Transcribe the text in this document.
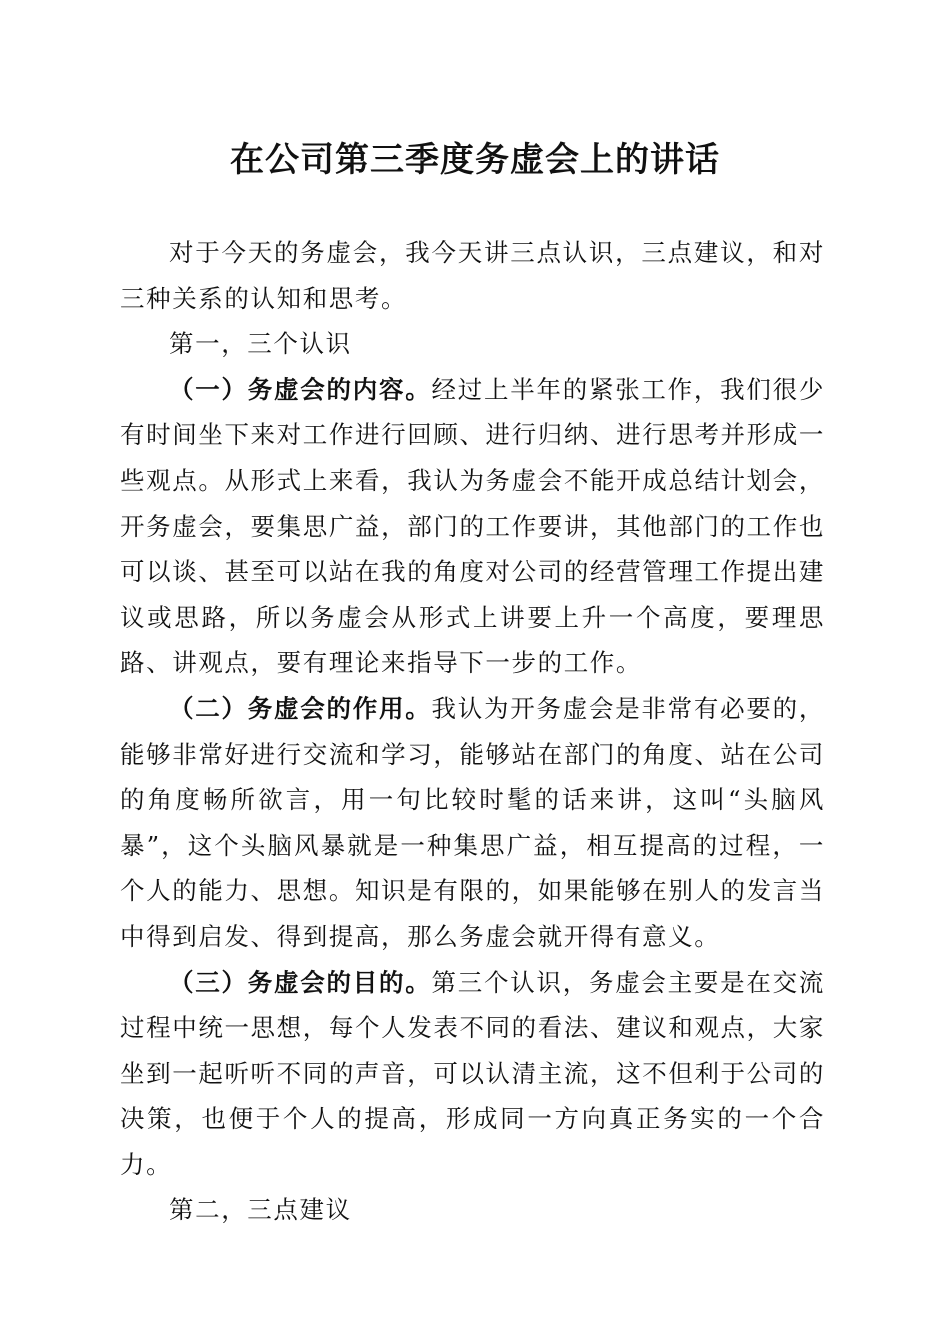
在公司第三季度务虚会上的讲话

对于今天的务虚会，我今天讲三点认识，三点建议，和对三种关系的认知和思考。

第一，三个认识

（一）务虚会的内容。经过上半年的紧张工作，我们很少有时间坐下来对工作进行回顾、进行归纳、进行思考并形成一些观点。从形式上来看，我认为务虚会不能开成总结计划会，开务虚会，要集思广益，部门的工作要讲，其他部门的工作也可以谈、甚至可以站在我的角度对公司的经营管理工作提出建议或思路，所以务虚会从形式上讲要上升一个高度，要理思路、讲观点，要有理论来指导下一步的工作。

（二）务虚会的作用。我认为开务虚会是非常有必要的，能够非常好进行交流和学习，能够站在部门的角度、站在公司的角度畅所欲言，用一句比较时髦的话来讲，这叫“头脑风暴”，这个头脑风暴就是一种集思广益，相互提高的过程，一个人的能力、思想。知识是有限的，如果能够在别人的发言当中得到启发、得到提高，那么务虚会就开得有意义。

（三）务虚会的目的。第三个认识，务虚会主要是在交流过程中统一思想，每个人发表不同的看法、建议和观点，大家坐到一起听听不同的声音，可以认清主流，这不但利于公司的决策，也便于个人的提高，形成同一方向真正务实的一个合力。

第二，三点建议
